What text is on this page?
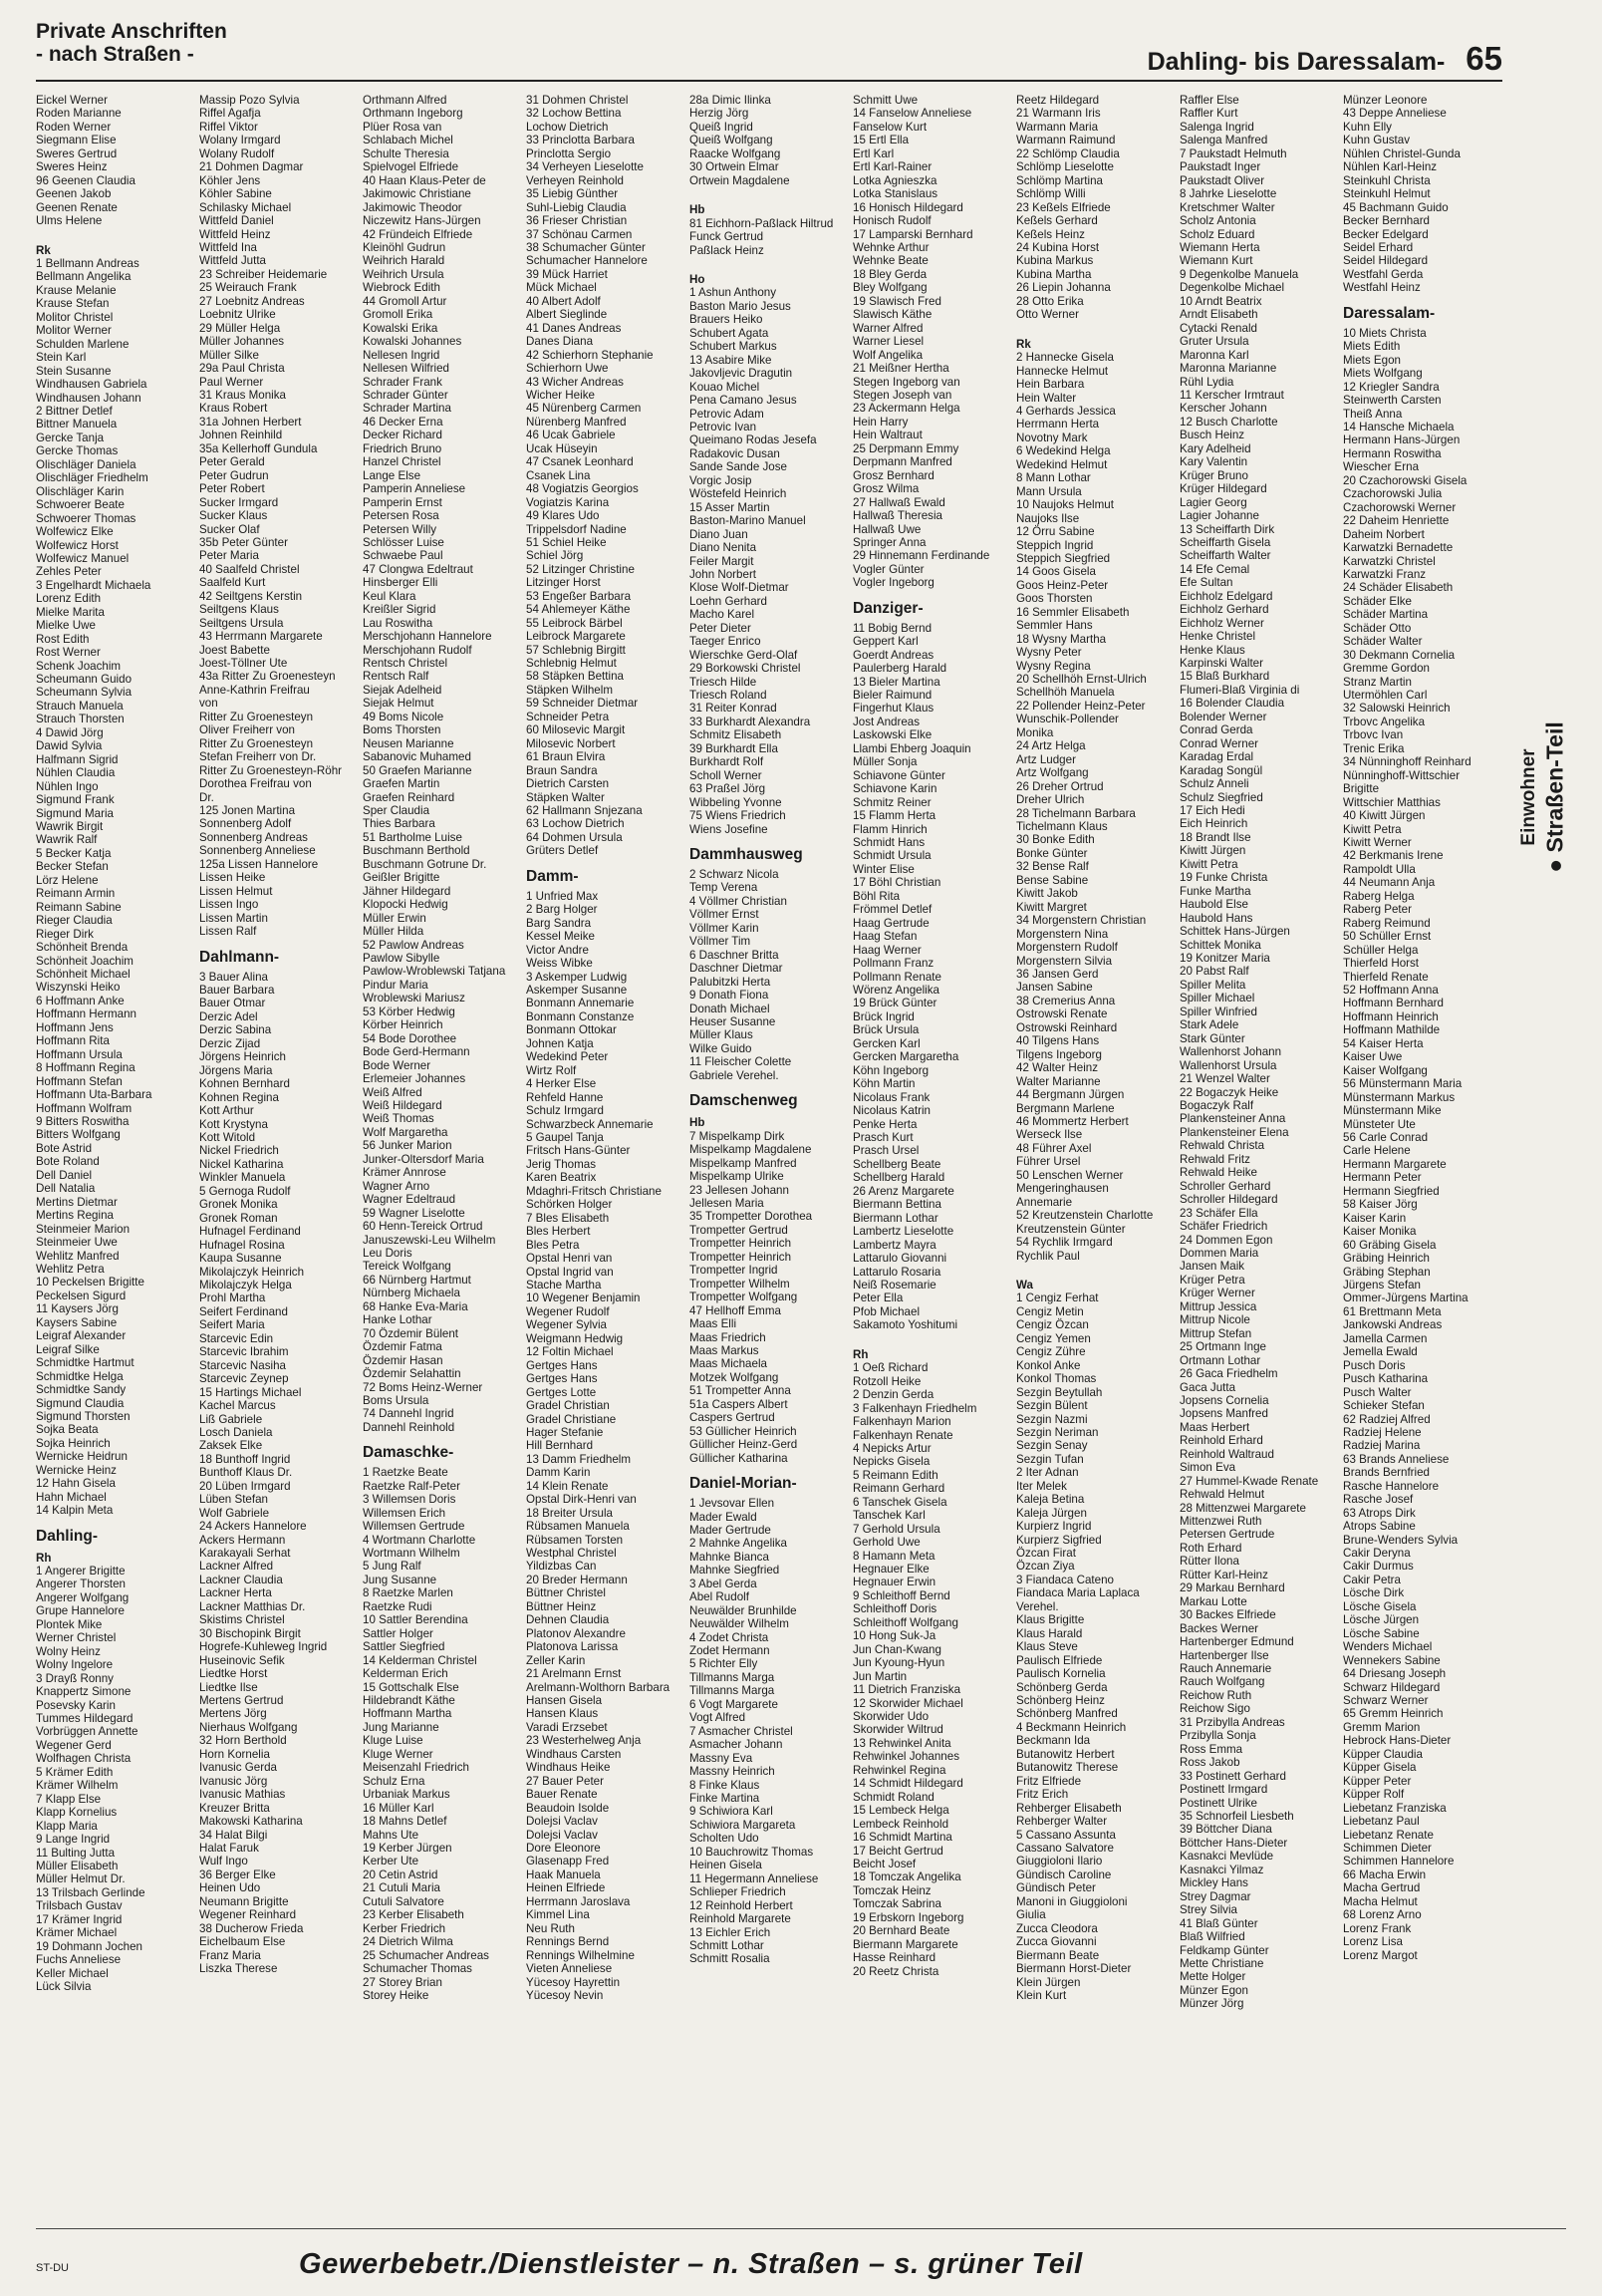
Private Anschriften
- nach Straßen -	Dahling- bis Daressalam- 65

Eickel Werner

Roden Marianne

Roden Werner

Siegmann Elise

Sweres Gertrud

Sweres Heinz

96 Geenen Claudia

Geenen Jakob

Geenen Renate

Ulms Helene

Rk

1 Bellmann Andreas

Bellmann Angelika

Krause Melanie

Krause Stefan

Molitor Christel

Molitor Werner

Schulden Marlene

Stein Karl

Stein Susanne

Windhausen Gabriela

Windhausen Johann

2 Bittner Detlef

Bittner Manuela

Gercke Tanja

Gercke Thomas

Olischläger Daniela

Olischläger Friedhelm

Olischläger Karin

Schwoerer Beate

Schwoerer Thomas

Wolfewicz Elke

Wolfewicz Horst

Wolfewicz Manuel

Zehles Peter

3 Engelhardt Michaela

Lorenz Edith

Mielke Marita

Mielke Uwe

Rost Edith

Rost Werner

Schenk Joachim

Scheumann Guido

Scheumann Sylvia

Strauch Manuela

Strauch Thorsten

4 Dawid Jörg

Dawid Sylvia

Halfmann Sigrid

Nühlen Claudia

Nühlen Ingo

Sigmund Frank

Sigmund Maria

Wawrik Birgit

Wawrik Ralf

5 Becker Katja

Becker Stefan

Lörz Helene

Reimann Armin

Reimann Sabine

Rieger Claudia

Rieger Dirk

Schönheit Brenda

Schönheit Joachim

Schönheit Michael

Wiszynski Heiko

6 Hoffmann Anke

Hoffmann Hermann

Hoffmann Jens

Hoffmann Rita

Hoffmann Ursula

8 Hoffmann Regina

Hoffmann Stefan

Hoffmann Uta-Barbara

Hoffmann Wolfram

9 Bitters Roswitha

Bitters Wolfgang

Bote Astrid

Bote Roland

Dell Daniel

Dell Natalia

Mertins Dietmar

Mertins Regina

Steinmeier Marion

Steinmeier Uwe

Wehlitz Manfred

Wehlitz Petra

10 Peckelsen Brigitte

Peckelsen Sigurd

11 Kaysers Jörg

Kaysers Sabine

Leigraf Alexander

Leigraf Silke

Schmidtke Hartmut

Schmidtke Helga

Schmidtke Sandy

Sigmund Claudia

Sigmund Thorsten

Sojka Beata

Sojka Heinrich

Wernicke Heidrun

Wernicke Heinz

12 Hahn Gisela

Hahn Michael

14 Kalpin Meta

Dahling-

Rh

1 Angerer Brigitte

Angerer Thorsten

Angerer Wolfgang

Grupe Hannelore

Plontek Mike

Werner Christel

Wolny Heinz

Wolny Ingelore

3 Drayß Ronny

Knappertz Simone

Posevsky Karin

Tummes Hildegard

Vorbrüggen Annette

Wegener Gerd

Wolfhagen Christa

5 Krämer Edith

Krämer Wilhelm

7 Klapp Else

Klapp Kornelius

Klapp Maria

9 Lange Ingrid

11 Bulting Jutta

Müller Elisabeth

Müller Helmut Dr.

13 Trilsbach Gerlinde

Trilsbach Gustav

17 Krämer Ingrid

Krämer Michael

19 Dohmann Jochen

Fuchs Anneliese

Keller Michael

Lück Silvia

Massip Pozo Sylvia

Riffel Agafja

Riffel Viktor

Wolany Irmgard

Wolany Rudolf

21 Dohmen Dagmar

Köhler Jens

Köhler Sabine

Schilasky Michael

Wittfeld Daniel

Wittfeld Heinz

Wittfeld Ina

Wittfeld Jutta

23 Schreiber Heidemarie

25 Weirauch Frank

27 Loebnitz Andreas

Loebnitz Ulrike

29 Müller Helga

Müller Johannes

Müller Silke

29a Paul Christa

Paul Werner

31 Kraus Monika

Kraus Robert

31a Johnen Herbert

Johnen Reinhild

35a Kellerhoff Gundula

Peter Gerald

Peter Gudrun

Peter Robert

Sucker Irmgard

Sucker Klaus

Sucker Olaf

35b Peter Günter

Peter Maria

40 Saalfeld Christel

Saalfeld Kurt

42 Seiltgens Kerstin

Seiltgens Klaus

Seiltgens Ursula

43 Herrmann Margarete

Joest Babette

Joest-Töllner Ute

43a Ritter Zu Groenesteyn

Anne-Kathrin Freifrau

von

Ritter Zu Groenesteyn

Oliver Freiherr von

Ritter Zu Groenesteyn

Stefan Freiherr von Dr.

Ritter Zu Groenesteyn-Röhr

Dorothea Freifrau von

Dr.

125 Jonen Martina

Sonnenberg Adolf

Sonnenberg Andreas

Sonnenberg Anneliese

125a Lissen Hannelore

Lissen Heike

Lissen Helmut

Lissen Ingo

Lissen Martin

Lissen Ralf

Dahlmann-

3 Bauer Alina

Bauer Barbara

Bauer Otmar

Derzic Adel

Derzic Sabina

Derzic Zijad

Jörgens Heinrich

Jörgens Maria

Kohnen Bernhard

Kohnen Regina

Kott Arthur

Kott Krystyna

Kott Witold

Nickel Friedrich

Nickel Katharina

Winkler Manuela

5 Gernoga Rudolf

Gronek Monika

Gronek Roman

Hufnagel Ferdinand

Hufnagel Rosina

Kaupa Susanne

Mikolajczyk Heinrich

Mikolajczyk Helga

Prohl Martha

Seifert Ferdinand

Seifert Maria

Starcevic Edin

Starcevic Ibrahim

Starcevic Nasiha

Starcevic Zeynep

15 Hartings Michael

Kachel Marcus

Liß Gabriele

Losch Daniela

Zaksek Elke

18 Bunthoff Ingrid

Bunthoff Klaus Dr.

20 Lüben Irmgard

Lüben Stefan

Wolf Gabriele

24 Ackers Hannelore

Ackers Hermann

Karakayali Serhat

Lackner Alfred

Lackner Claudia

Lackner Herta

Lackner Matthias Dr.

Skistims Christel

30 Bischopink Birgit

Hogrefe-Kuhleweg Ingrid

Huseinovic Sefik

Liedtke Horst

Liedtke Ilse

Mertens Gertrud

Mertens Jörg

Nierhaus Wolfgang

32 Horn Berthold

Horn Kornelia

Ivanusic Gerda

Ivanusic Jörg

Ivanusic Mathias

Kreuzer Britta

Makowski Katharina

34 Halat Bilgi

Halat Faruk

Wulf Ingo

36 Berger Elke

Heinen Udo

Neumann Brigitte

Wegener Reinhard

38 Ducherow Frieda

Eichelbaum Else

Franz Maria

Liszka Therese

Orthmann Alfred

Orthmann Ingeborg

Plüer Rosa van

Schlabach Michel

Schulte Theresia

Spielvogel Elfriede

40 Haan Klaus-Peter de

Jakimowic Christiane

Jakimowic Theodor

Niczewitz Hans-Jürgen

42 Fründeich Elfriede

Kleinöhl Gudrun

Weihrich Harald

Weihrich Ursula

Wiebrock Edith

44 Gromoll Artur

Gromoll Erika

Kowalski Erika

Kowalski Johannes

Nellesen Ingrid

Nellesen Wilfried

Schrader Frank

Schrader Günter

Schrader Martina

46 Decker Erna

Decker Richard

Friedrich Bruno

Hanzel Christel

Lange Else

Pamperin Anneliese

Pamperin Ernst

Petersen Rosa

Petersen Willy

Schlösser Luise

Schwaebe Paul

47 Clongwa Edeltraut

Hinsberger Elli

Keul Klara

Kreißler Sigrid

Lau Roswitha

Merschjohann Hannelore

Merschjohann Rudolf

Rentsch Christel

Rentsch Ralf

Siejak Adelheid

Siejak Helmut

49 Boms Nicole

Boms Thorsten

Neusen Marianne

Sabanovic Muhamed

50 Graefen Marianne

Graefen Martin

Graefen Reinhard

Sper Claudia

Thies Barbara

51 Bartholme Luise

Buschmann Berthold

Buschmann Gotrune Dr.

Geißler Brigitte

Jähner Hildegard

Klopocki Hedwig

Müller Erwin

Müller Hilda

52 Pawlow Andreas

Pawlow Sibylle

Pawlow-Wroblewski Tatjana

Pindur Maria

Wroblewski Mariusz

53 Körber Hedwig

Körber Heinrich

54 Bode Dorothee

Bode Gerd-Hermann

Bode Werner

Erlemeier Johannes

Weiß Alfred

Weiß Hildegard

Weiß Thomas

Wolf Margaretha

56 Junker Marion

Junker-Oltersdorf Maria

Krämer Annrose

Wagner Arno

Wagner Edeltraud

59 Wagner Liselotte

60 Henn-Tereick Ortrud

Januszewski-Leu Wilhelm

Leu Doris

Tereick Wolfgang

66 Nürnberg Hartmut

Nürnberg Michaela

68 Hanke Eva-Maria

Hanke Lothar

70 Özdemir Bülent

Özdemir Fatma

Özdemir Hasan

Özdemir Selahattin

72 Boms Heinz-Werner

Boms Ursula

74 Dannehl Ingrid

Dannehl Reinhold

Damaschke-

1 Raetzke Beate

Raetzke Ralf-Peter

3 Willemsen Doris

Willemsen Erich

Willemsen Gertrude

4 Wortmann Charlotte

Wortmann Wilhelm

5 Jung Ralf

Jung Susanne

8 Raetzke Marlen

Raetzke Rudi

10 Sattler Berendina

Sattler Holger

Sattler Siegfried

14 Kelderman Christel

Kelderman Erich

15 Gottschalk Else

Hildebrandt Käthe

Hoffmann Martha

Jung Marianne

Kluge Luise

Kluge Werner

Meisenzahl Friedrich

Schulz Erna

Urbaniak Markus

16 Müller Karl

18 Mahns Detlef

Mahns Ute

19 Kerber Jürgen

Kerber Ute

20 Cetin Astrid

21 Cutuli Maria

Cutuli Salvatore

23 Kerber Elisabeth

Kerber Friedrich

24 Dietrich Wilma

25 Schumacher Andreas

Schumacher Thomas

27 Storey Brian

Storey Heike

31 Dohmen Christel

32 Lochow Bettina

Lochow Dietrich

33 Princlotta Barbara

Princlotta Sergio

34 Verheyen Lieselotte

Verheyen Reinhold

35 Liebig Günther

Suhl-Liebig Claudia

36 Frieser Christian

37 Schönau Carmen

38 Schumacher Günter

Schumacher Hannelore

39 Mück Harriet

Mück Michael

40 Albert Adolf

Albert Sieglinde

41 Danes Andreas

Danes Diana

42 Schierhorn Stephanie

Schierhorn Uwe

43 Wicher Andreas

Wicher Heike

45 Nürenberg Carmen

Nürenberg Manfred

46 Ucak Gabriele

Ucak Hüseyin

47 Csanek Leonhard

Csanek Lina

48 Vogiatzis Georgios

Vogiatzis Karina

49 Klares Udo

Trippelsdorf Nadine

51 Schiel Heike

Schiel Jörg

52 Litzinger Christine

Litzinger Horst

53 Engeßer Barbara

54 Ahlemeyer Käthe

55 Leibrock Bärbel

Leibrock Margarete

57 Schlebnig Birgitt

Schlebnig Helmut

58 Stäpken Bettina

Stäpken Wilhelm

59 Schneider Dietmar

Schneider Petra

60 Milosevic Margit

Milosevic Norbert

61 Braun Elvira

Braun Sandra

Dietrich Carsten

Stäpken Walter

62 Hallmann Snjezana

63 Lochow Dietrich

64 Dohmen Ursula

Grüters Detlef

Damm-

1 Unfried Max

2 Barg Holger

Barg Sandra

Kessel Meike

Victor Andre

Weiss Wibke

3 Askemper Ludwig

Askemper Susanne

Bonmann Annemarie

Bonmann Constanze

Bonmann Ottokar

Johnen Katja

Wedekind Peter

Wirtz Rolf

4 Herker Else

Rehfeld Hanne

Schulz Irmgard

Schwarzbeck Annemarie

5 Gaupel Tanja

Fritsch Hans-Günter

Jerig Thomas

Karen Beatrix

Mdaghri-Fritsch Christiane

Schörken Holger

7 Bles Elisabeth

Bles Herbert

Bles Petra

Opstal Henri van

Opstal Ingrid van

Stache Martha

10 Wegener Benjamin

Wegener Rudolf

Wegener Sylvia

Weigmann Hedwig

12 Foltin Michael

Gertges Hans

Gertges Hans

Gertges Lotte

Gradel Christian

Gradel Christiane

Hager Stefanie

Hill Bernhard

13 Damm Friedhelm

Damm Karin

14 Klein Renate

Opstal Dirk-Henri van

18 Breiter Ursula

Rübsamen Manuela

Rübsamen Torsten

Westphal Christel

Yildizbas Can

20 Breder Hermann

Büttner Christel

Büttner Heinz

Dehnen Claudia

Platonov Alexandre

Platonova Larissa

Zeller Karin

21 Arelmann Ernst

Arelmann-Wolthorn Barbara

Hansen Gisela

Hansen Klaus

Varadi Erzsebet

23 Westerhelweg Anja

Windhaus Carsten

Windhaus Heike

27 Bauer Peter

Bauer Renate

Beaudoin Isolde

Dolejsi Vaclav

Dolejsi Vaclav

Dore Eleonore

Glasenapp Fred

Haak Manuela

Heinen Elfriede

Herrmann Jaroslava

Kimmel Lina

Neu Ruth

Rennings Bernd

Rennings Wilhelmine

Vieten Anneliese

Yücesoy Hayrettin

Yücesoy Nevin

28a Dimic Ilinka

Herzig Jörg

Queiß Ingrid

Queiß Wolfgang

Raacke Wolfgang

30 Ortwein Elmar

Ortwein Magdalene

Hb

81 Eichhorn-Paßlack Hiltrud

Funck Gertrud

Paßlack Heinz

Ho

1 Ashun Anthony

Baston Mario Jesus

Brauers Heiko

Schubert Agata

Schubert Markus

13 Asabire Mike

Jakovljevic Dragutin

Kouao Michel

Pena Camano Jesus

Petrovic Adam

Petrovic Ivan

Queimano Rodas Jesefa

Radakovic Dusan

Sande Sande Jose

Vorgic Josip

Wöstefeld Heinrich

15 Asser Martin

Baston-Marino Manuel

Diano Juan

Diano Nenita

Feiler Margit

John Norbert

Klose Wolf-Dietmar

Loehn Gerhard

Macho Karel

Peter Dieter

Taeger Enrico

Wierschke Gerd-Olaf

29 Borkowski Christel

Triesch Hilde

Triesch Roland

31 Reiter Konrad

33 Burkhardt Alexandra

Schmitz Elisabeth

39 Burkhardt Ella

Burkhardt Rolf

Scholl Werner

63 Praßel Jörg

Wibbeling Yvonne

75 Wiens Friedrich

Wiens Josefine

Dammhausweg

2 Schwarz Nicola

Temp Verena

4 Völlmer Christian

Völlmer Ernst

Völlmer Karin

Völlmer Tim

6 Daschner Britta

Daschner Dietmar

Palubitzki Herta

9 Donath Fiona

Donath Michael

Heuser Susanne

Müller Klaus

Wilke Guido

11 Fleischer Colette

Gabriele Verehel.

Damschenweg

Hb

7 Mispelkamp Dirk

Mispelkamp Magdalene

Mispelkamp Manfred

Mispelkamp Ulrike

23 Jellesen Johann

Jellesen Maria

35 Trompetter Dorothea

Trompetter Gertrud

Trompetter Heinrich

Trompetter Heinrich

Trompetter Ingrid

Trompetter Wilhelm

Trompetter Wolfgang

47 Hellhoff Emma

Maas Elli

Maas Friedrich

Maas Markus

Maas Michaela

Motzek Wolfgang

51 Trompetter Anna

51a Caspers Albert

Caspers Gertrud

53 Güllicher Heinrich

Güllicher Heinz-Gerd

Güllicher Katharina

Daniel-Morian-

1 Jevsovar Ellen

Mader Ewald

Mader Gertrude

2 Mahnke Angelika

Mahnke Bianca

Mahnke Siegfried

3 Abel Gerda

Abel Rudolf

Neuwälder Brunhilde

Neuwälder Wilhelm

4 Zodet Christa

Zodet Hermann

5 Richter Elly

Tillmanns Marga

Tillmanns Marga

6 Vogt Margarete

Vogt Alfred

7 Asmacher Christel

Asmacher Johann

Massny Eva

Massny Heinrich

8 Finke Klaus

Finke Martina

9 Schiwiora Karl

Schiwiora Margareta

Scholten Udo

10 Bauchrowitz Thomas

Heinen Gisela

11 Hegermann Anneliese

Schlieper Friedrich

12 Reinhold Herbert

Reinhold Margarete

13 Eichler Erich

Schmitt Lothar

Schmitt Rosalia

Schmitt Uwe

14 Fanselow Anneliese

Fanselow Kurt

15 Ertl Ella

Ertl Karl

Ertl Karl-Rainer

Lotka Agnieszka

Lotka Stanislaus

16 Honisch Hildegard

Honisch Rudolf

17 Lamparski Bernhard

Wehnke Arthur

Wehnke Beate

18 Bley Gerda

Bley Wolfgang

19 Slawisch Fred

Slawisch Käthe

Warner Alfred

Warner Liesel

Wolf Angelika

21 Meißner Hertha

Stegen Ingeborg van

Stegen Joseph van

23 Ackermann Helga

Hein Harry

Hein Waltraut

25 Derpmann Emmy

Derpmann Manfred

Grosz Bernhard

Grosz Wilma

27 Hallwaß Ewald

Hallwaß Theresia

Hallwaß Uwe

Springer Anna

29 Hinnemann Ferdinande

Vogler Günter

Vogler Ingeborg

Danziger-

11 Bobig Bernd

Geppert Karl

Goerdt Andreas

Paulerberg Harald

13 Bieler Martina

Bieler Raimund

Fingerhut Klaus

Jost Andreas

Laskowski Elke

Llambi Ehberg Joaquin

Müller Sonja

Schiavone Günter

Schiavone Karin

Schmitz Reiner

15 Flamm Herta

Flamm Hinrich

Schmidt Hans

Schmidt Ursula

Winter Elise

17 Böhl Christian

Böhl Rita

Frömmel Detlef

Haag Gertrude

Haag Stefan

Haag Werner

Pollmann Franz

Pollmann Renate

Wörenz Angelika

19 Brück Günter

Brück Ingrid

Brück Ursula

Gercken Karl

Gercken Margaretha

Köhn Ingeborg

Köhn Martin

Nicolaus Frank

Nicolaus Katrin

Penke Herta

Prasch Kurt

Prasch Ursel

Schellberg Beate

Schellberg Harald

26 Arenz Margarete

Biermann Bettina

Biermann Lothar

Lambertz Lieselotte

Lambertz Mayra

Lattarulo Giovanni

Lattarulo Rosaria

Neiß Rosemarie

Peter Ella

Pfob Michael

Sakamoto Yoshitumi

Rh

1 Oeß Richard

Rotzoll Heike

2 Denzin Gerda

3 Falkenhayn Friedhelm

Falkenhayn Marion

Falkenhayn Renate

4 Nepicks Artur

Nepicks Gisela

5 Reimann Edith

Reimann Gerhard

6 Tanschek Gisela

Tanschek Karl

7 Gerhold Ursula

Gerhold Uwe

8 Hamann Meta

Hegnauer Elke

Hegnauer Erwin

9 Schleithoff Bernd

Schleithoff Doris

Schleithoff Wolfgang

10 Hong Suk-Ja

Jun Chan-Kwang

Jun Kyoung-Hyun

Jun Martin

11 Dietrich Franziska

12 Skorwider Michael

Skorwider Udo

Skorwider Wiltrud

13 Rehwinkel Anita

Rehwinkel Johannes

Rehwinkel Regina

14 Schmidt Hildegard

Schmidt Roland

15 Lembeck Helga

Lembeck Reinhold

16 Schmidt Martina

17 Beicht Gertrud

Beicht Josef

18 Tomczak Angelika

Tomczak Heinz

Tomczak Sabrina

19 Erbskorn Ingeborg

20 Bernhard Beate

Biermann Margarete

Hasse Reinhard

20 Reetz Christa

Reetz Hildegard

21 Warmann Iris

Warmann Maria

Warmann Raimund

22 Schlömp Claudia

Schlömp Lieselotte

Schlömp Martina

Schlömp Willi

23 Keßels Elfriede

Keßels Gerhard

Keßels Heinz

24 Kubina Horst

Kubina Markus

Kubina Martha

26 Liepin Johanna

28 Otto Erika

Otto Werner

Rk

2 Hannecke Gisela

Hannecke Helmut

Hein Barbara

Hein Walter

4 Gerhards Jessica

Herrmann Herta

Novotny Mark

6 Wedekind Helga

Wedekind Helmut

8 Mann Lothar

Mann Ursula

10 Naujoks Helmut

Naujoks Ilse

12 Örru Sabine

Steppich Ingrid

Steppich Siegfried

14 Goos Gisela

Goos Heinz-Peter

Goos Thorsten

16 Semmler Elisabeth

Semmler Hans

18 Wysny Martha

Wysny Peter

Wysny Regina

20 Schellhöh Ernst-Ulrich

Schellhöh Manuela

22 Pollender Heinz-Peter

Wunschik-Pollender

Monika

24 Artz Helga

Artz Ludger

Artz Wolfgang

26 Dreher Ortrud

Dreher Ulrich

28 Tichelmann Barbara

Tichelmann Klaus

30 Bonke Edith

Bonke Günter

32 Bense Ralf

Bense Sabine

Kiwitt Jakob

Kiwitt Margret

34 Morgenstern Christian

Morgenstern Nina

Morgenstern Rudolf

Morgenstern Silvia

36 Jansen Gerd

Jansen Sabine

38 Cremerius Anna

Ostrowski Renate

Ostrowski Reinhard

40 Tilgens Hans

Tilgens Ingeborg

42 Walter Heinz

Walter Marianne

44 Bergmann Jürgen

Bergmann Marlene

46 Mommertz Herbert

Werseck Ilse

48 Führer Axel

Führer Ursel

50 Lenschen Werner

Mengeringhausen

Annemarie

52 Kreutzenstein Charlotte

Kreutzenstein Günter

54 Rychlik Irmgard

Rychlik Paul

Wa

1 Cengiz Ferhat

Cengiz Metin

Cengiz Özcan

Cengiz Yemen

Cengiz Zühre

Konkol Anke

Konkol Thomas

Sezgin Beytullah

Sezgin Bülent

Sezgin Nazmi

Sezgin Neriman

Sezgin Senay

Sezgin Tufan

2 Iter Adnan

Iter Melek

Kaleja Betina

Kaleja Jürgen

Kurpierz Ingrid

Kurpierz Sigfried

Özcan Firat

Özcan Ziya

3 Fiandaca Cateno

Fiandaca Maria Laplaca

Verehel.

Klaus Brigitte

Klaus Harald

Klaus Steve

Paulisch Elfriede

Paulisch Kornelia

Schönberg Gerda

Schönberg Heinz

Schönberg Manfred

4 Beckmann Heinrich

Beckmann Ida

Butanowitz Herbert

Butanowitz Therese

Fritz Elfriede

Fritz Erich

Rehberger Elisabeth

Rehberger Walter

5 Cassano Assunta

Cassano Salvatore

Giuggioloni Ilario

Gündisch Caroline

Gündisch Peter

Manoni in Giuggioloni

Giulia

Zucca Cleodora

Zucca Giovanni

Biermann Beate

Biermann Horst-Dieter

Klein Jürgen

Klein Kurt

Raffler Else

Raffler Kurt

Salenga Ingrid

Salenga Manfred

7 Paukstadt Helmuth

Paukstadt Inger

Paukstadt Oliver

8 Jahrke Lieselotte

Kretschmer Walter

Scholz Antonia

Scholz Eduard

Wiemann Herta

Wiemann Kurt

9 Degenkolbe Manuela

Degenkolbe Michael

10 Arndt Beatrix

Arndt Elisabeth

Cytacki Renald

Gruter Ursula

Maronna Karl

Maronna Marianne

Rühl Lydia

11 Kerscher Irmtraut

Kerscher Johann

12 Busch Charlotte

Busch Heinz

Kary Adelheid

Kary Valentin

Krüger Bruno

Krüger Hildegard

Lagier Georg

Lagier Johanne

13 Scheiffarth Dirk

Scheiffarth Gisela

Scheiffarth Walter

14 Efe Cemal

Efe Sultan

Eichholz Edelgard

Eichholz Gerhard

Eichholz Werner

Henke Christel

Henke Klaus

Karpinski Walter

15 Blaß Burkhard

Flumeri-Blaß Virginia di

16 Bolender Claudia

Bolender Werner

Conrad Gerda

Conrad Werner

Karadag Erdal

Karadag Songül

Schulz Anneli

Schulz Siegfried

17 Eich Hedi

Eich Heinrich

18 Brandt Ilse

Kiwitt Jürgen

Kiwitt Petra

19 Funke Christa

Funke Martha

Haubold Else

Haubold Hans

Schittek Hans-Jürgen

Schittek Monika

19 Konitzer Maria

20 Pabst Ralf

Spiller Melita

Spiller Michael

Spiller Winfried

Stark Adele

Stark Günter

Wallenhorst Johann

Wallenhorst Ursula

21 Wenzel Walter

22 Bogaczyk Heike

Bogaczyk Ralf

Plankensteiner Anna

Plankensteiner Elena

Rehwald Christa

Rehwald Fritz

Rehwald Heike

Schroller Gerhard

Schroller Hildegard

23 Schäfer Ella

Schäfer Friedrich

24 Dommen Egon

Dommen Maria

Jansen Maik

Krüger Petra

Krüger Werner

Mittrup Jessica

Mittrup Nicole

Mittrup Stefan

25 Ortmann Inge

Ortmann Lothar

26 Gaca Friedhelm

Gaca Jutta

Jopsens Cornelia

Jopsens Manfred

Maas Herbert

Reinhold Erhard

Reinhold Waltraud

Simon Eva

27 Hummel-Kwade Renate

Rehwald Helmut

28 Mittenzwei Margarete

Mittenzwei Ruth

Petersen Gertrude

Roth Erhard

Rütter Ilona

Rütter Karl-Heinz

29 Markau Bernhard

Markau Lotte

30 Backes Elfriede

Backes Werner

Hartenberger Edmund

Hartenberger Ilse

Rauch Annemarie

Rauch Wolfgang

Reichow Ruth

Reichow Sigo

31 Przibylla Andreas

Przibylla Sonja

Ross Emma

Ross Jakob

33 Postinett Gerhard

Postinett Irmgard

Postinett Ulrike

35 Schnorfeil Liesbeth

39 Böttcher Diana

Böttcher Hans-Dieter

Kasnakci Mevlüde

Kasnakci Yilmaz

Mickley Hans

Strey Dagmar

Strey Silvia

41 Blaß Günter

Blaß Wilfried

Feldkamp Günter

Mette Christiane

Mette Holger

Münzer Egon

Münzer Jörg

Münzer Leonore

43 Deppe Anneliese

Kuhn Elly

Kuhn Gustav

Nühlen Christel-Gunda

Nühlen Karl-Heinz

Steinkuhl Christa

Steinkuhl Helmut

45 Bachmann Guido

Becker Bernhard

Becker Edelgard

Seidel Erhard

Seidel Hildegard

Westfahl Gerda

Westfahl Heinz

Daressalam-

10 Miets Christa

Miets Edith

Miets Egon

Miets Wolfgang

12 Kriegler Sandra

Steinwerth Carsten

Theiß Anna

14 Hansche Michaela

Hermann Hans-Jürgen

Hermann Roswitha

Wiescher Erna

20 Czachorowski Gisela

Czachorowski Julia

Czachorowski Werner

22 Daheim Henriette

Daheim Norbert

Karwatzki Bernadette

Karwatzki Christel

Karwatzki Franz

24 Schäder Elisabeth

Schäder Elke

Schäder Martina

Schäder Otto

Schäder Walter

30 Dekmann Cornelia

Gremme Gordon

Stranz Martin

Utermöhlen Carl

32 Salowski Heinrich

Trbovc Angelika

Trbovc Ivan

Trenic Erika

34 Nünninghoff Reinhard

Nünninghoff-Wittschier

Brigitte

Wittschier Matthias

40 Kiwitt Jürgen

Kiwitt Petra

Kiwitt Werner

42 Berkmanis Irene

Rampoldt Ulla

44 Neumann Anja

Raberg Helga

Raberg Peter

Raberg Reimund

50 Schüller Ernst

Schüller Helga

Thierfeld Horst

Thierfeld Renate

52 Hoffmann Anna

Hoffmann Bernhard

Hoffmann Heinrich

Hoffmann Mathilde

54 Kaiser Herta

Kaiser Uwe

Kaiser Wolfgang

56 Münstermann Maria

Münstermann Markus

Münstermann Mike

Münsteter Ute

56 Carle Conrad

Carle Helene

Hermann Margarete

Hermann Peter

Hermann Siegfried

58 Kaiser Jörg

Kaiser Karin

Kaiser Monika

60 Gräbing Gisela

Gräbing Heinrich

Gräbing Stephan

Jürgens Stefan

Ommer-Jürgens Martina

61 Brettmann Meta

Jankowski Andreas

Jamella Carmen

Jemella Ewald

Pusch Doris

Pusch Katharina

Pusch Walter

Schieker Stefan

62 Radziej Alfred

Radziej Helene

Radziej Marina

63 Brands Anneliese

Brands Bernfried

Rasche Hannelore

Rasche Josef

63 Atrops Dirk

Atrops Sabine

Brune-Wenders Sylvia

Cakir Deryna

Cakir Durmus

Cakir Petra

Lösche Dirk

Lösche Gisela

Lösche Jürgen

Lösche Sabine

Wenders Michael

Wennekers Sabine

64 Driesang Joseph

Schwarz Hildegard

Schwarz Werner

65 Gremm Heinrich

Gremm Marion

Hebrock Hans-Dieter

Küpper Claudia

Küpper Gisela

Küpper Peter

Küpper Rolf

Liebetanz Franziska

Liebetanz Paul

Liebetanz Renate

Schimmen Dieter

Schimmen Hannelore

66 Macha Erwin

Macha Gertrud

Macha Helmut

68 Lorenz Arno

Lorenz Frank

Lorenz Lisa

Lorenz Margot

Einwohner ● Straßen-Teil
ST-DU	Gewerbebetr./Dienstleister – n. Straßen – s. grüner Teil
